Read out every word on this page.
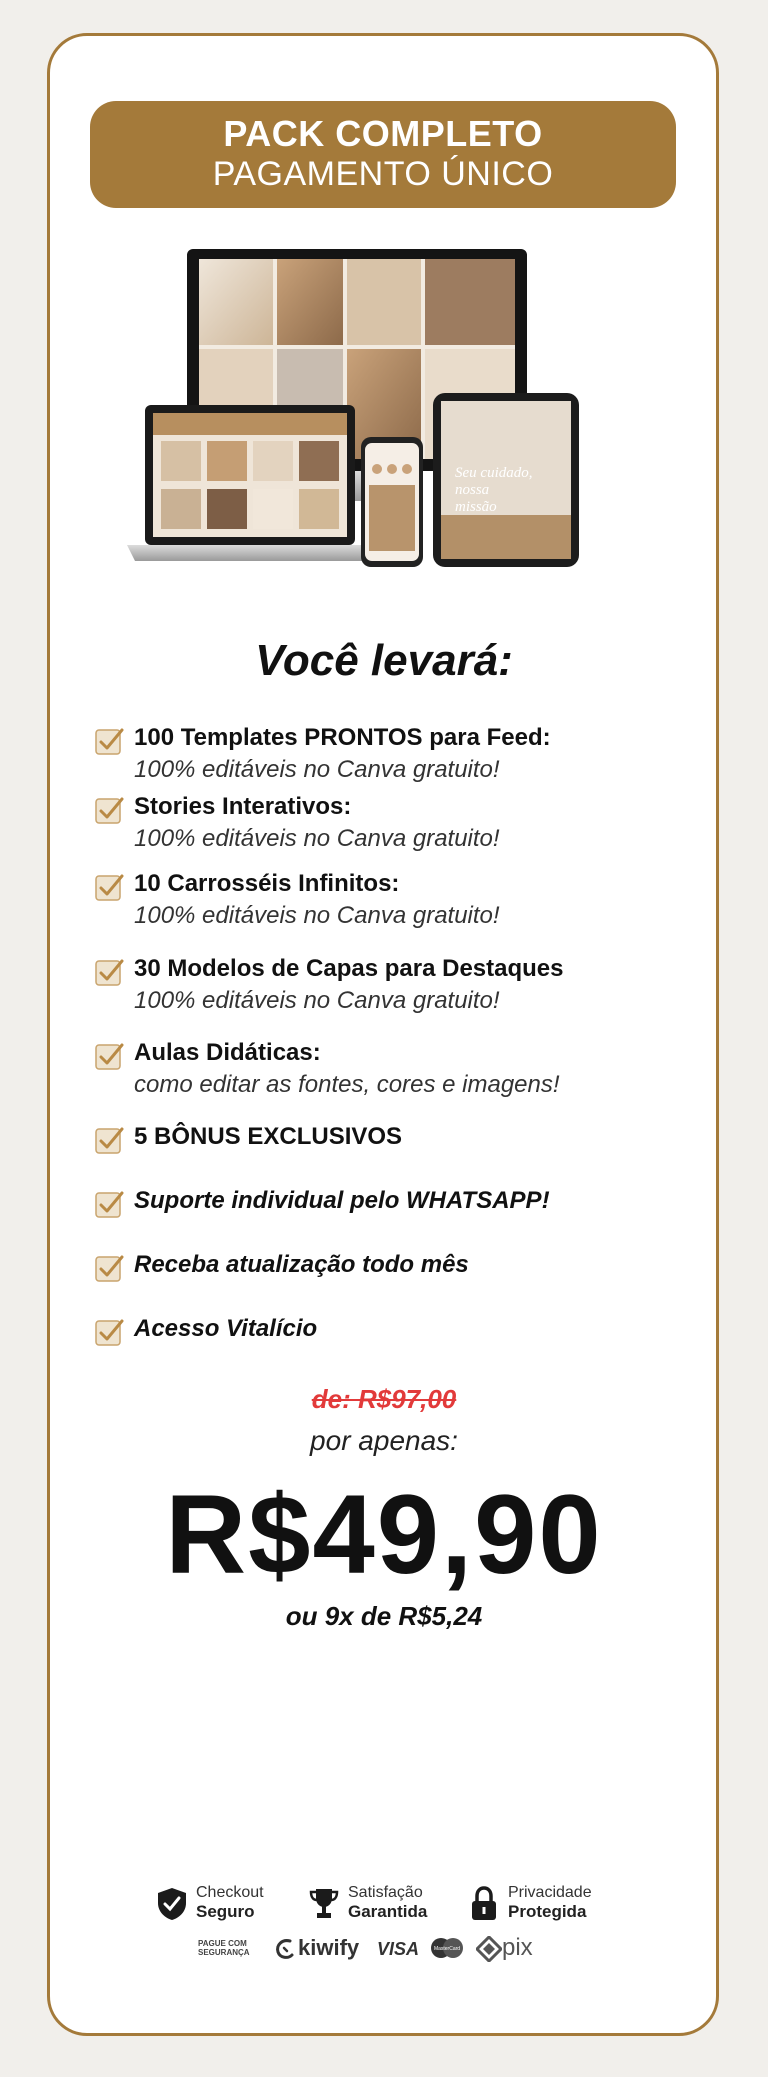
PACK COMPLETO
PAGAMENTO ÚNICO
Seu cuidado,
nossa
missão
Você levará:
100 Templates PRONTOS para Feed:
100% editáveis no Canva gratuito!
Stories Interativos:
100% editáveis no Canva gratuito!
10 Carrosséis Infinitos:
100% editáveis no Canva gratuito!
30 Modelos de Capas para Destaques
100% editáveis no Canva gratuito!
Aulas Didáticas:
como editar as fontes, cores e imagens!
5 BÔNUS EXCLUSIVOS
Suporte individual pelo WHATSAPP!
Receba atualização todo mês
Acesso Vitalício
de: R$97,00
por apenas:
R$49,90
ou 9x de R$5,24
Checkout
Seguro
Satisfação
Garantida
Privacidade
Protegida
PAGUE COM
SEGURANÇA kiwify VISA	MasterCard pix
